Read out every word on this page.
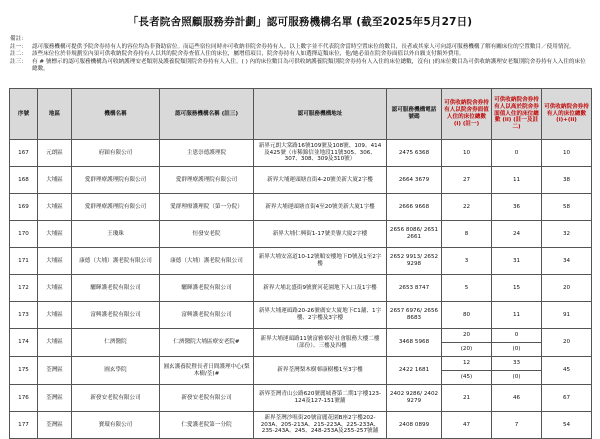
「長者院舍照顧服務券計劃」認可服務機構名單 (截至2025年5月27日)
備註：
註一： 認可服務機構可提供予院舍券持有人的容位均為非資助宿位。而這些宿位同時亦可收納非院舍券持有人。以上數字並不代表院舍當時空置床位的數目，長者或其家人可向認可服務機構了解有關床位的空置數目／使用情況。
註二： 該些床位位於非規劃室內須可供收納院舍券持有人以其的院舍券查值人住的床位，屬增值項目，院舍券持有人如選擇這類床位，他/她必須在院舍券面值以外自願支付額外費用。
註三： 有 # 號標示的認可服務機構為可收納護理安老類別及護養院類別院舍券持有人入住。( ) 內的床位數目為可供收納護養院類別院舍券持有人入住的床位總數，沒有( )的床位數目為可供收納護理安老類別院舍券持有人入住的床位總數。
序號	地區	機構名稱	認可服務機構名稱 (註三)	認可服務機構地址	認可服務機構電話號碼	可供收納院舍券持有人以院舍券面值人住的床位總數 (i) (註一)	可供收納院舍券持有人以高於院舍券面值人住的床位總數 (ii) (註一及註二)	可供收納院舍券持有人的床位總數(i)+(ii)
167	元朗區	府穎有限公司	主恩崇德護理院	新界元朗大棠路16號109號及108號、109、414及425號（市稀錦信並地段11號305、306、307、308、309及310號）	2475 6368	10	0	10
168	大埔區	愛群理療護理院有限公司	愛群理療護理院有限公司	新界大埔運頭塘直街4-20號美新大廈2字樓	2664 3679	27	11	38
169	大埔區	愛群理療護理院有限公司	愛群理療護理院（第一分院）	新界大埔運頭塘直街4至20號美新大廈1字樓	2666 9668	22	36	58
170	大埔區	王瓊珠	恒發安老院	新界大埔仁興街1-17號美譽大廈2字樓	2656 8086/ 2651 2661	8	24	32
171	大埔區	康德（大埔）護老院有限公司	康德（大埔）護老院有限公司	新界大埔安富道10-12號順安樓地下D號及1至2字樓	2652 9913/ 2652 9298	3	31	34
172	大埔區	驪暉護老院有限公司	驪暉護老院有限公司	新界大埔北盛街9號寶河花園地下入口及1字樓	2653 8747	5	15	20
173	大埔區	富興護老院有限公司	富興護老院有限公司	新界大埔運頭路20-26號廣安大廈地下C1舖、1字樓、2字樓及3字樓	2657 6976/ 2656 8683	80	11	91
174	大埔區	仁濟醫院	仁濟醫院大埔區療安老院#	新界大埔運頭路11號富雅邨好社會服務大樓二樓（部份）、三樓及四樓	3468 5968	20	0	20
						(20)	(0)	
175	荃灣區	圓玄學院	圓玄護養院暨長者日間護理中心(梨木樹/荃)#	新界荃灣梨木樹邨康樹樓1至3字樓	2422 1681	12	33	45
						(45)	(0)	
176	荃灣區	新發安老院有限公司	新發安老院有限公司	新界荃灣青山公路620號麗城薈第二期1字樓123-124及127-151號舖	2402 9286/ 2402 9279	21	46	67
177	荃灣區	寶環有限公司	仁愛護老院第一分院	新界荃灣沙咀街20號富麗花園B座2字樓202-203A、205-213A、215-223A、225-233A、235-243A、245、248-253A及255-257號舖	2408 0899	47	7	54
